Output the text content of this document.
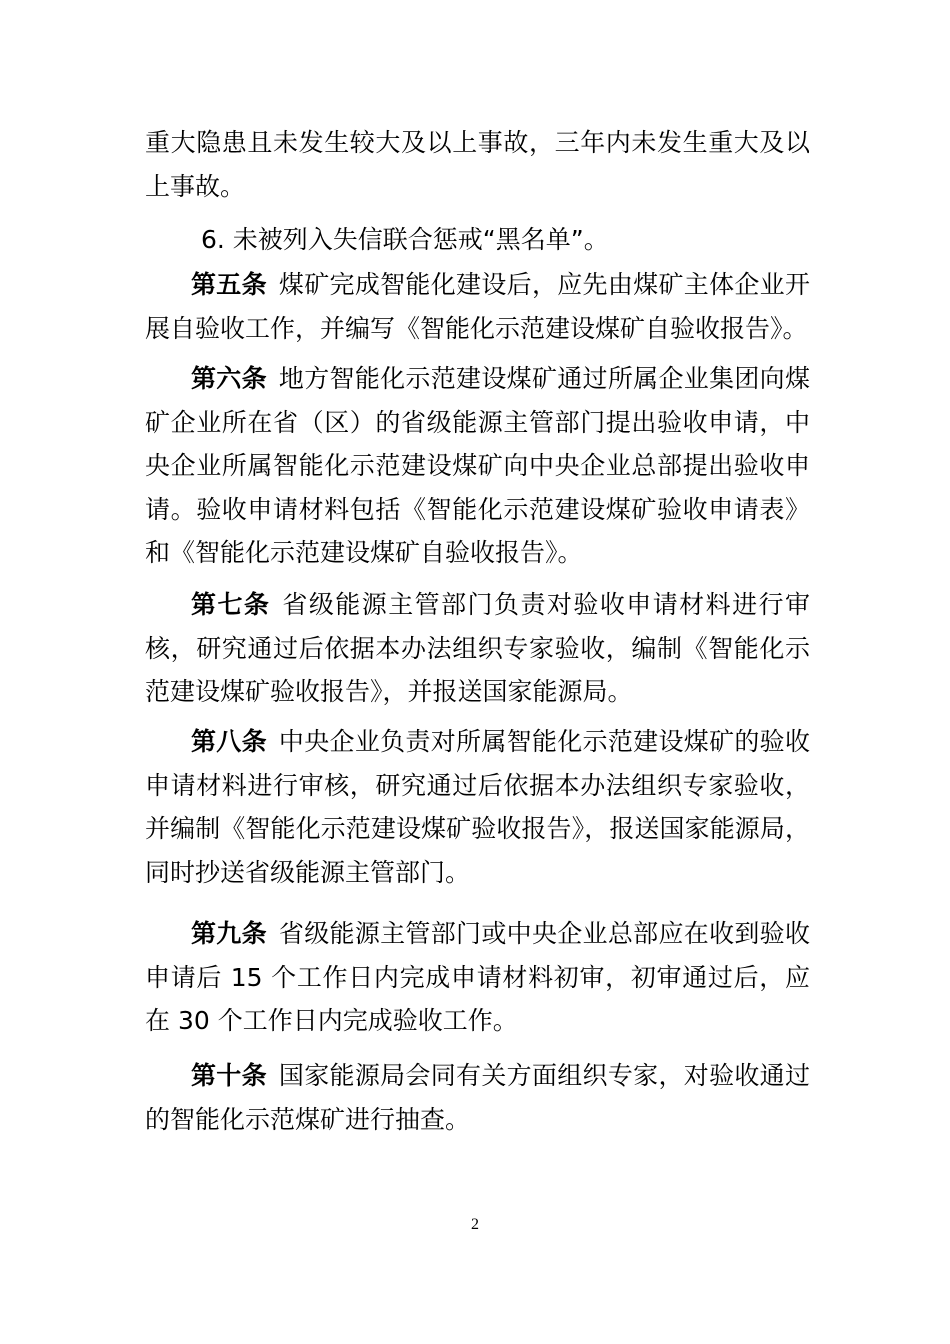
重大隐患且未发生较大及以上事故，三年内未发生重大及以上事故。

6. 未被列入失信联合惩戒“黑名单”。

第五条 煤矿完成智能化建设后，应先由煤矿主体企业开展自验收工作，并编写《智能化示范建设煤矿自验收报告》。

第六条 地方智能化示范建设煤矿通过所属企业集团向煤矿企业所在省（区）的省级能源主管部门提出验收申请，中央企业所属智能化示范建设煤矿向中央企业总部提出验收申请。验收申请材料包括《智能化示范建设煤矿验收申请表》和《智能化示范建设煤矿自验收报告》。

第七条 省级能源主管部门负责对验收申请材料进行审核，研究通过后依据本办法组织专家验收，编制《智能化示范建设煤矿验收报告》，并报送国家能源局。

第八条 中央企业负责对所属智能化示范建设煤矿的验收申请材料进行审核，研究通过后依据本办法组织专家验收，并编制《智能化示范建设煤矿验收报告》，报送国家能源局，同时抄送省级能源主管部门。

第九条 省级能源主管部门或中央企业总部应在收到验收申请后 15 个工作日内完成申请材料初审，初审通过后，应在 30 个工作日内完成验收工作。

第十条 国家能源局会同有关方面组织专家，对验收通过的智能化示范煤矿进行抽查。

2
